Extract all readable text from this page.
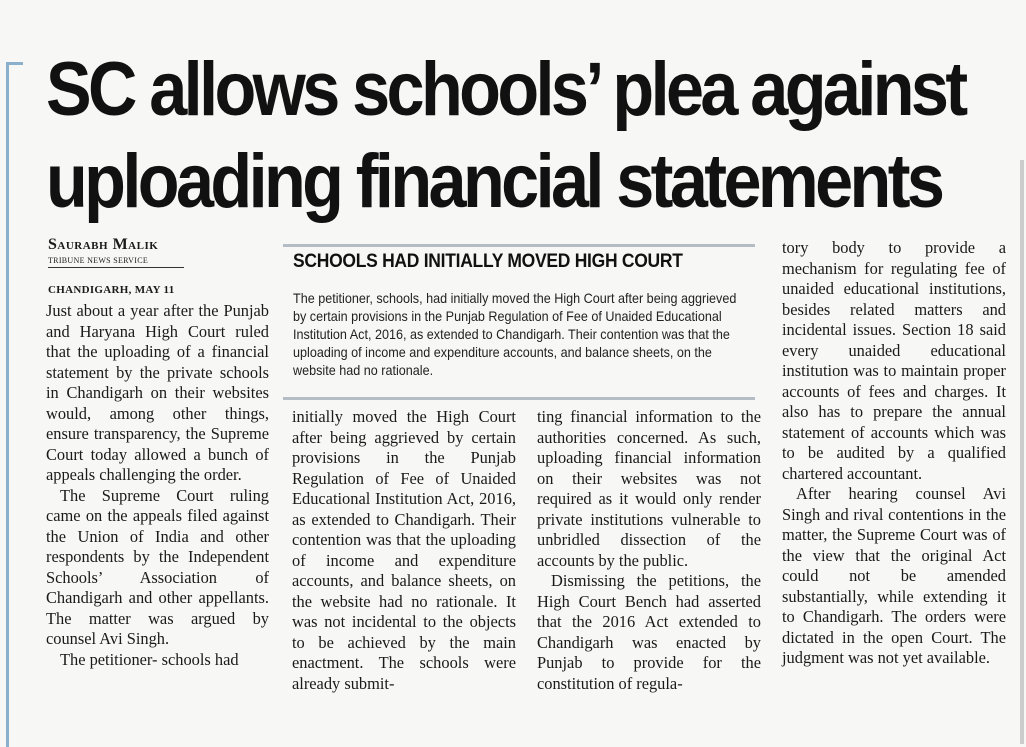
SC allows schools’ plea against
uploading financial statements
Saurabh Malik
TRIBUNE NEWS SERVICE
CHANDIGARH, MAY 11
SCHOOLS HAD INITIALLY MOVED HIGH COURT

The petitioner, schools, had initially moved the High Court after being aggrieved by certain provisions in the Punjab Regulation of Fee of Unaided Educational Institution Act, 2016, as extended to Chandigarh. Their contention was that the uploading of income and expenditure accounts, and balance sheets, on the website had no rationale.

Just about a year after the Punjab and Haryana High Court ruled that the uploading of a financial statement by the private schools in Chandigarh on their websites would, among other things, ensure transparency, the Supreme Court today allowed a bunch of appeals challenging the order.

The Supreme Court ruling came on the appeals filed against the Union of India and other respondents by the Independent Schools’ Association of Chandigarh and other appellants. The matter was argued by counsel Avi Singh.

The petitioner- schools had

initially moved the High Court after being aggrieved by certain provisions in the Punjab Regulation of Fee of Unaided Educational Institution Act, 2016, as extended to Chandigarh. Their contention was that the uploading of income and expenditure accounts, and balance sheets, on the website had no rationale. It was not incidental to the objects to be achieved by the main enactment. The schools were already submit-

ting financial information to the authorities concerned. As such, uploading financial information on their websites was not required as it would only render private institutions vulnerable to unbridled dissection of the accounts by the public.

Dismissing the petitions, the High Court Bench had asserted that the 2016 Act extended to Chandigarh was enacted by Punjab to provide for the constitution of regula-

tory body to provide a mechanism for regulating fee of unaided educational institutions, besides related matters and incidental issues. Section 18 said every unaided educational institution was to maintain proper accounts of fees and charges. It also has to prepare the annual statement of accounts which was to be audited by a qualified chartered accountant.

After hearing counsel Avi Singh and rival contentions in the matter, the Supreme Court was of the view that the original Act could not be amended substantially, while extending it to Chandigarh. The orders were dictated in the open Court. The judgment was not yet available.
